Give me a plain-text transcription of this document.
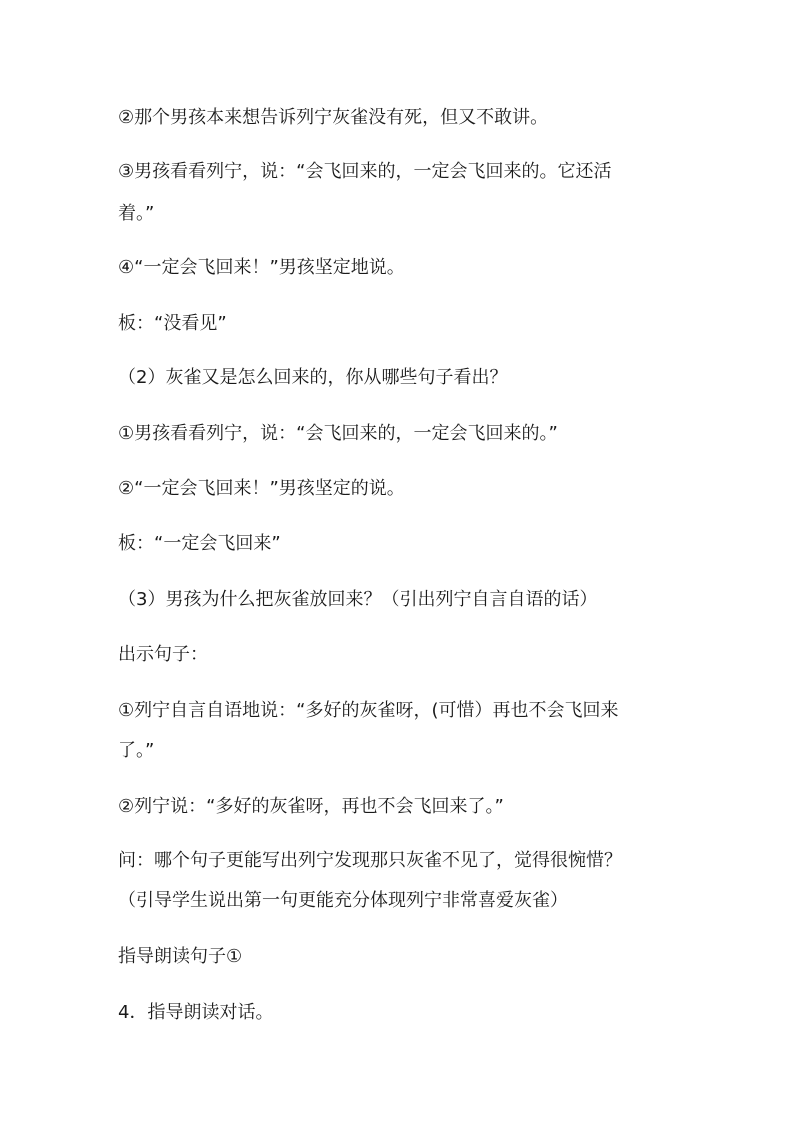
②那个男孩本来想告诉列宁灰雀没有死，但又不敢讲。
③男孩看看列宁，说：“会飞回来的，一定会飞回来的。它还活
着。”
④“一定会飞回来！”男孩坚定地说。
板：“没看见”
（2）灰雀又是怎么回来的，你从哪些句子看出？
①男孩看看列宁，说：“会飞回来的，一定会飞回来的。”
②“一定会飞回来！”男孩坚定的说。
板：“一定会飞回来”
（3）男孩为什么把灰雀放回来？（引出列宁自言自语的话）
出示句子：
①列宁自言自语地说：“多好的灰雀呀，(可惜）再也不会飞回来
了。”
②列宁说：“多好的灰雀呀，再也不会飞回来了。”
问：哪个句子更能写出列宁发现那只灰雀不见了，觉得很惋惜？
（引导学生说出第一句更能充分体现列宁非常喜爱灰雀）
指导朗读句子①
4．指导朗读对话。
